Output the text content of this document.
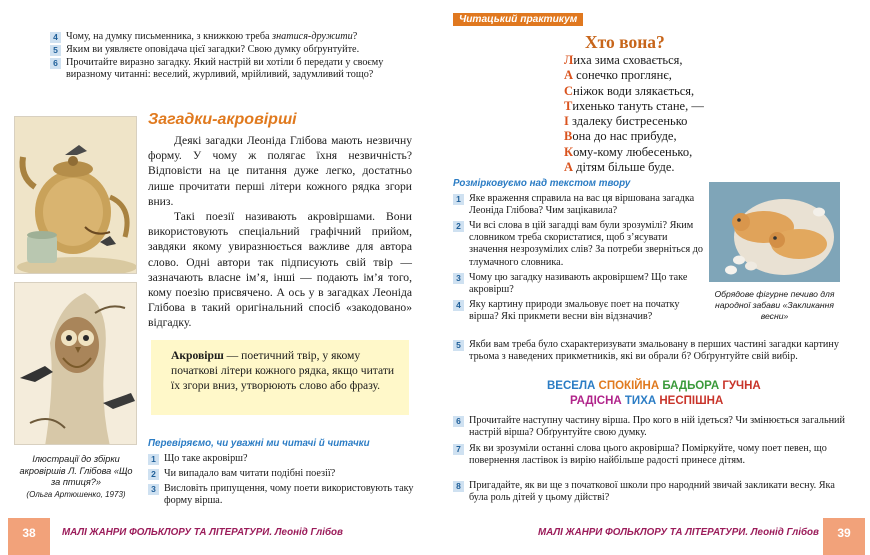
4 Чому, на думку письменника, з книжкою треба знатися-дружити?
5 Яким ви уявляєте оповідача цієї загадки? Свою думку обґрунтуйте.
6 Прочитайте виразно загадку. Який настрій ви хотіли б передати у своєму виразному читанні: веселий, журливий, мрійливий, задумливий тощо?
Загадки-акровірші

Деякі загадки Леоніда Глібова мають незвичну форму. У чому ж полягає їхня незвичність? Відповісти на це питання дуже легко, достатньо лише прочитати перші літери кожного рядка згори вниз.

Такі поезії називають акровіршами. Вони використовують спеціальний графічний прийом, завдяки якому увиразнюється важливе для автора слово. Одні автори так підписують свій твір — зазначають власне ім’я, інші — подають ім’я того, кому поезію присвячено. А ось у в загадках Леоніда Глібова в такий оригінальний спосіб «закодовано» відгадку.

Акровірш — поетичний твір, у якому початкові літери кожного рядка, якщо читати їх згори вниз, утворюють слово або фразу.
Перевіряємо, чи уважні ми читачі й читачки
1 Що таке акровірш?
2 Чи випадало вам читати подібні поезії?
3 Висловіть припущення, чому поети використовують таку форму вірша.
Ілюстрації до збірки акровіршів Л. Глібова «Що за птиця?»
(Ольга Артюшенко, 1973)
38	МАЛІ ЖАНРИ ФОЛЬКЛОРУ ТА ЛІТЕРАТУРИ. Леонід Глібов
Читацький практикум
Хто вона?
Лиха зима сховається,
А сонечко проглянє,
Сніжок води злякається,
Тихенько тануть стане, —
І здалеку бистресенько
Вона до нас прибуде,
Кому-кому любесенько,
А дітям більше буде.
Розмірковуємо над текстом твору
Обрядове фігурне печиво для народної забави «Закликання весни»
1 Яке враження справила на вас ця віршована загадка Леоніда Глібова? Чим зацікавила?
2 Чи всі слова в цій загадці вам були зрозумілі? Яким словником треба скористатися, щоб з’ясувати значення незрозумілих слів? За потреби зверніться до тлумачного словника.
3 Чому цю загадку називають акровіршем? Що таке акровірш?
4 Яку картину природи змальовує поет на початку вірша? Які прикмети весни він відзначив?
5 Якби вам треба було схарактеризувати змальовану в перших частині загадки картину трьома з наведених прикметників, які ви обрали б? Обґрунтуйте свій вибір.
ВЕСЕЛА СПОКІЙНА БАДЬОРА ГУЧНА
РАДІСНА ТИХА НЕСПІШНА
6 Прочитайте наступну частину вірша. Про кого в ній ідеться? Чи змінюється загальний настрій вірша? Обґрунтуйте свою думку.
7 Як ви зрозуміли останні слова цього акровірша? Поміркуйте, чому поет певен, що повернення ластівок із вирію найбільше радості принесе дітям.
8 Пригадайте, як ви ще з початкової школи про народний звичай закликати весну. Яка була роль дітей у цьому дійстві?
МАЛІ ЖАНРИ ФОЛЬКЛОРУ ТА ЛІТЕРАТУРИ. Леонід Глібов	39
